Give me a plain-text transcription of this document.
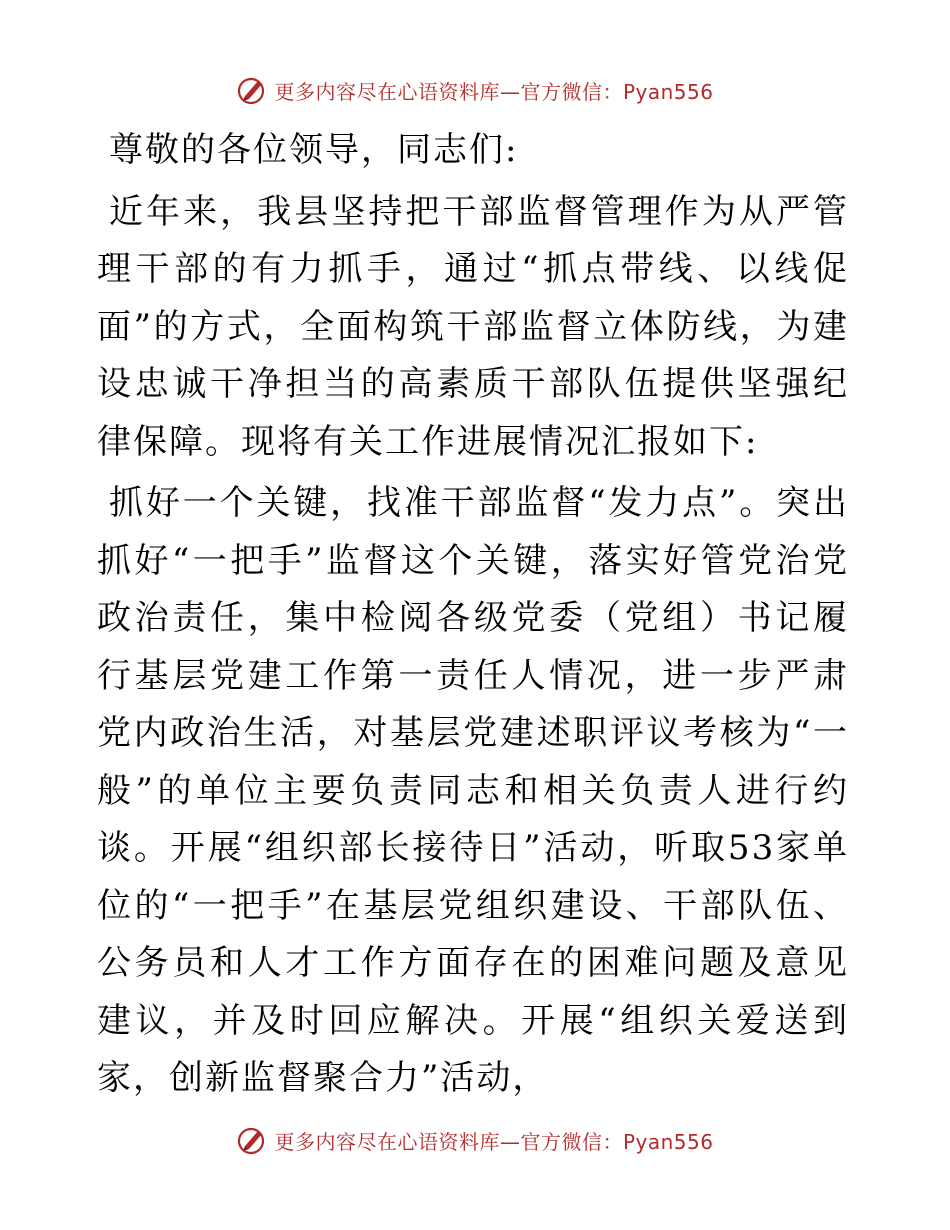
更多内容尽在心语资料库—官方微信：Pyan556

尊敬的各位领导，同志们:

近年来，我县坚持把干部监督管理作为从严管理干部的有力抓手，通过“抓点带线、以线促面”的方式，全面构筑干部监督立体防线，为建设忠诚干净担当的高素质干部队伍提供坚强纪律保障。现将有关工作进展情况汇报如下:

抓好一个关键，找准干部监督“发力点”。突出抓好“一把手”监督这个关键，落实好管党治党政治责任，集中检阅各级党委（党组）书记履行基层党建工作第一责任人情况，进一步严肃党内政治生活，对基层党建述职评议考核为“一般”的单位主要负责同志和相关负责人进行约谈。开展“组织部长接待日”活动，听取53家单位的“一把手”在基层党组织建设、干部队伍、公务员和人才工作方面存在的困难问题及意见建议，并及时回应解决。开展“组织关爱送到家，创新监督聚合力”活动，

更多内容尽在心语资料库—官方微信：Pyan556
